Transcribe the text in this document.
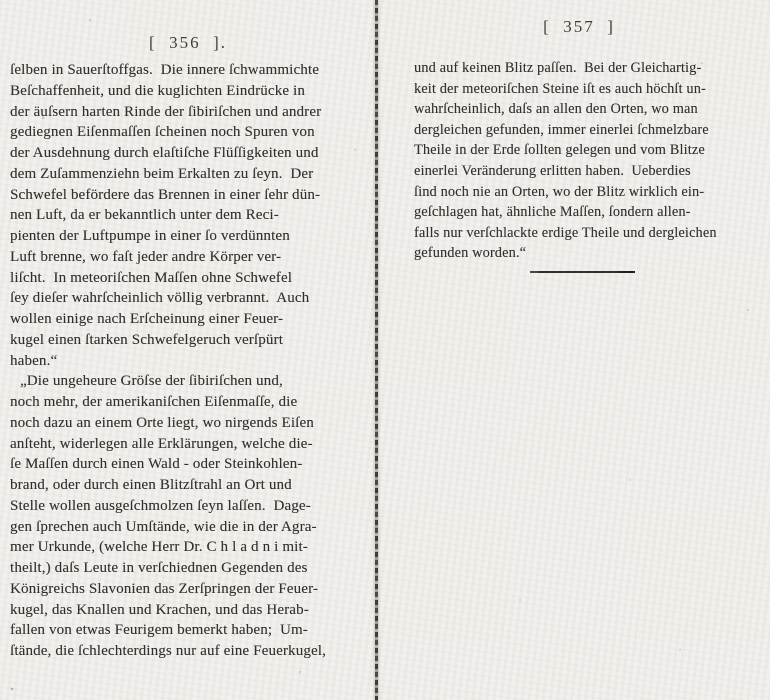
[  356  ].
[  357  ]
ſelben in Sauerſtoffgas.  Die innere ſchwammichte
Beſchaffenheit, und die kuglichten Eindrücke in
der äuſsern harten Rinde der ſibiriſchen und andrer
gediegnen Eiſenmaſſen ſcheinen noch Spuren von
der Ausdehnung durch elaſtiſche Flüſſigkeiten und
dem Zuſammenziehn beim Erkalten zu ſeyn.  Der
Schwefel befördere das Brennen in einer ſehr dün-
nen Luft, da er bekanntlich unter dem Reci-
pienten der Luftpumpe in einer ſo verdünnten
Luft brenne, wo faſt jeder andre Körper ver-
liſcht.  In meteoriſchen Maſſen ohne Schwefel
ſey dieſer wahrſcheinlich völlig verbrannt.  Auch
wollen einige nach Erſcheinung einer Feuer-
kugel einen ſtarken Schwefelgeruch verſpürt
haben.“
„Die ungeheure Gröſse der ſibiriſchen und,
noch mehr, der amerikaniſchen Eiſenmaſſe, die
noch dazu an einem Orte liegt, wo nirgends Eiſen
anſteht, widerlegen alle Erklärungen, welche die-
ſe Maſſen durch einen Wald - oder Steinkohlen-
brand, oder durch einen Blitzſtrahl an Ort und
Stelle wollen ausgeſchmolzen ſeyn laſſen.  Dage-
gen ſprechen auch Umſtände, wie die in der Agra-
mer Urkunde, (welche Herr Dr. C h l a d n i mit-
theilt,) daſs Leute in verſchiednen Gegenden des
Königreichs Slavonien das Zerſpringen der Feuer-
kugel, das Knallen und Krachen, und das Herab-
fallen von etwas Feurigem bemerkt haben;  Um-
ſtände, die ſchlechterdings nur auf eine Feuerkugel,
und auf keinen Blitz paſſen.  Bei der Gleichartig-
keit der meteoriſchen Steine iſt es auch höchſt un-
wahrſcheinlich, daſs an allen den Orten, wo man
dergleichen gefunden, immer einerlei ſchmelzbare
Theile in der Erde ſollten gelegen und vom Blitze
einerlei Veränderung erlitten haben.  Ueberdies
ſind noch nie an Orten, wo der Blitz wirklich ein-
geſchlagen hat, ähnliche Maſſen, ſondern allen-
falls nur verſchlackte erdige Theile und dergleichen
gefunden worden.“
